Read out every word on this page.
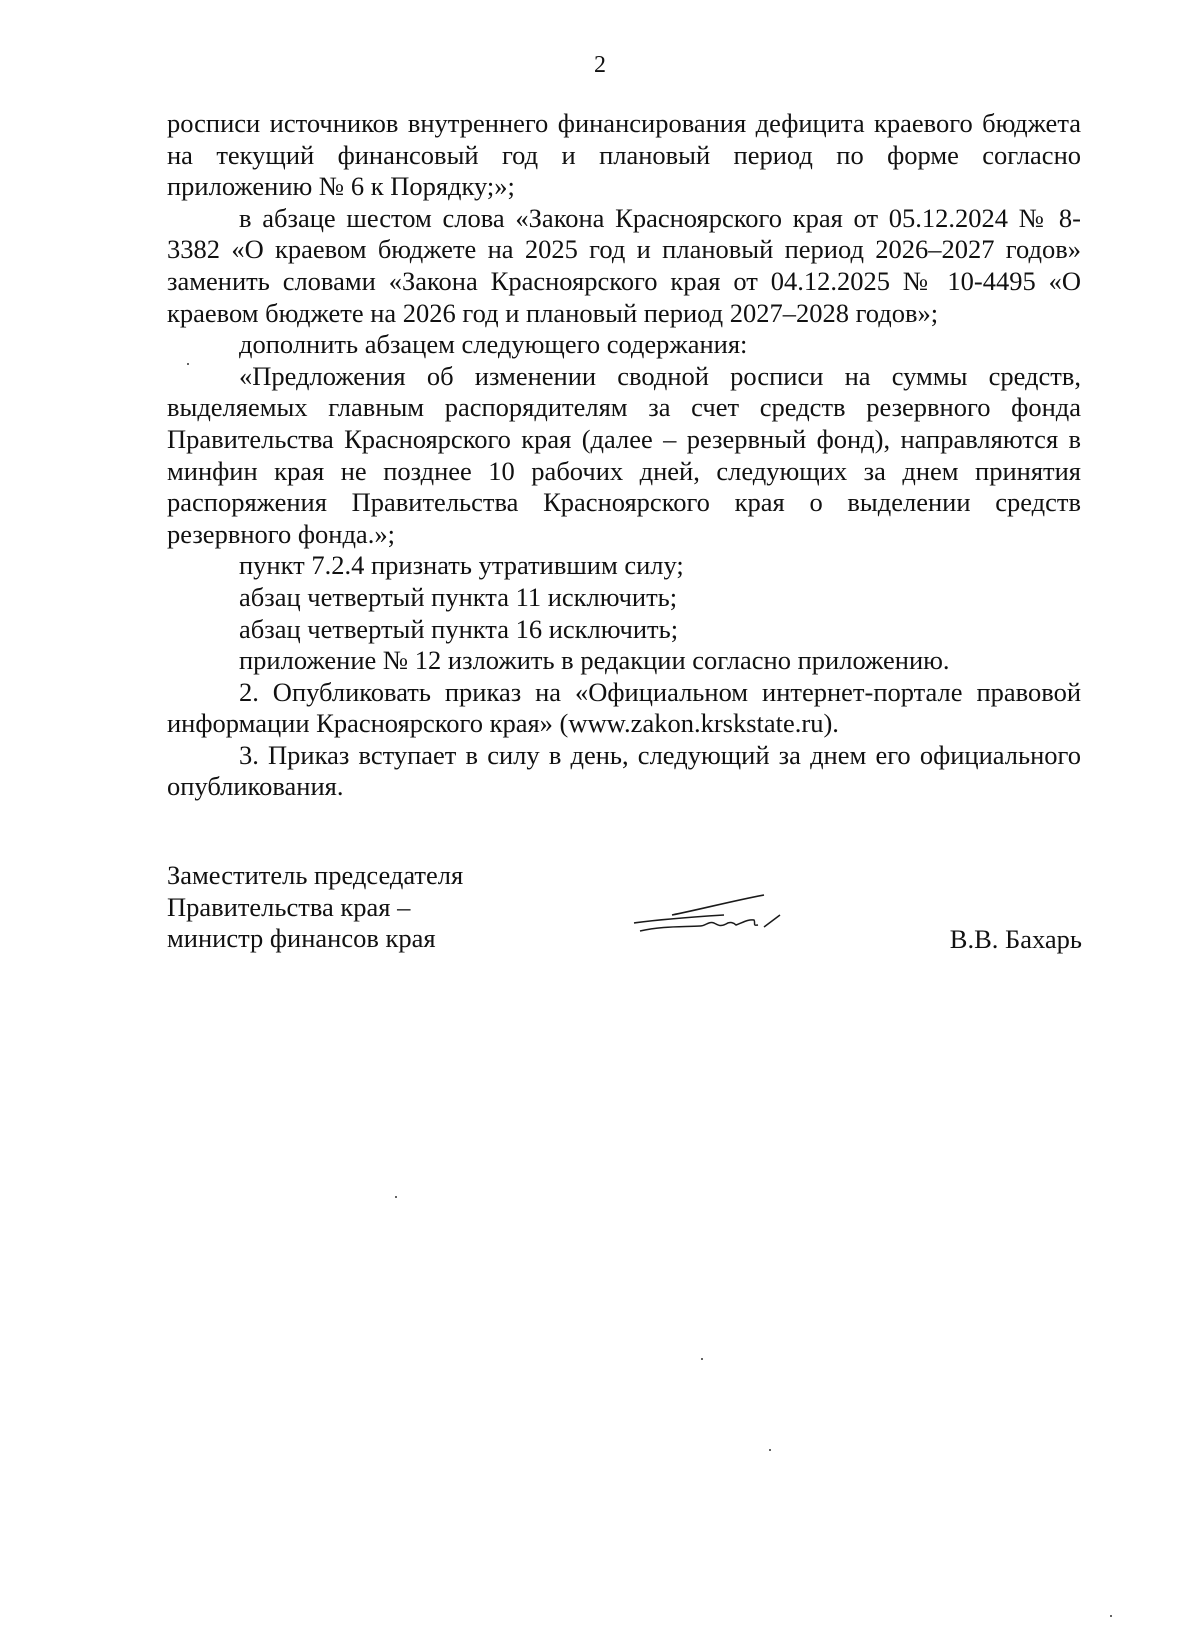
2

росписи источников внутреннего финансирования дефицита краевого бюджета на текущий финансовый год и плановый период по форме согласно приложению № 6 к Порядку;»;

в абзаце шестом слова «Закона Красноярского края от 05.12.2024 № 8-3382 «О краевом бюджете на 2025 год и плановый период 2026–2027 годов» заменить словами «Закона Красноярского края от 04.12.2025 № 10-4495 «О краевом бюджете на 2026 год и плановый период 2027–2028 годов»;

дополнить абзацем следующего содержания:

«Предложения об изменении сводной росписи на суммы средств, выделяемых главным распорядителям за счет средств резервного фонда Правительства Красноярского края (далее – резервный фонд), направляются в минфин края не позднее 10 рабочих дней, следующих за днем принятия распоряжения Правительства Красноярского края о выделении средств резервного фонда.»;

пункт 7.2.4 признать утратившим силу;

абзац четвертый пункта 11 исключить;

абзац четвертый пункта 16 исключить;

приложение № 12 изложить в редакции согласно приложению.

2. Опубликовать приказ на «Официальном интернет-портале правовой информации Красноярского края» (www.zakon.krskstate.ru).

3. Приказ вступает в силу в день, следующий за днем его официального опубликования.

Заместитель председателя
Правительства края –
министр финансов края	В.В. Бахарь
